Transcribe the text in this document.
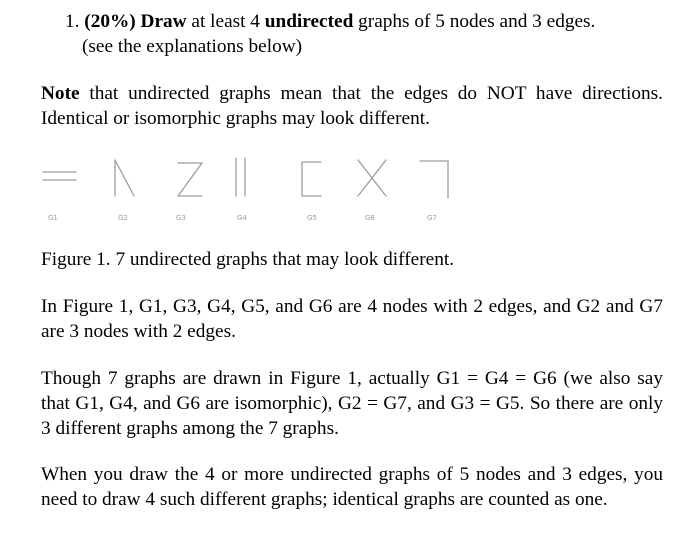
1. (20%) Draw at least 4 undirected graphs of 5 nodes and 3 edges.
(see the explanations below)
Note that undirected graphs mean that the edges do NOT have directions. Identical or isomorphic graphs may look different.
G1	G2	G3	G4	G5	G6	G7
Figure 1. 7 undirected graphs that may look different.
In Figure 1, G1, G3, G4, G5, and G6 are 4 nodes with 2 edges, and G2 and G7 are 3 nodes with 2 edges.
Though 7 graphs are drawn in Figure 1, actually G1 = G4 = G6 (we also say that G1, G4, and G6 are isomorphic), G2 = G7, and G3 = G5. So there are only 3 different graphs among the 7 graphs.
When you draw the 4 or more undirected graphs of 5 nodes and 3 edges, you need to draw 4 such different graphs; identical graphs are counted as one.
